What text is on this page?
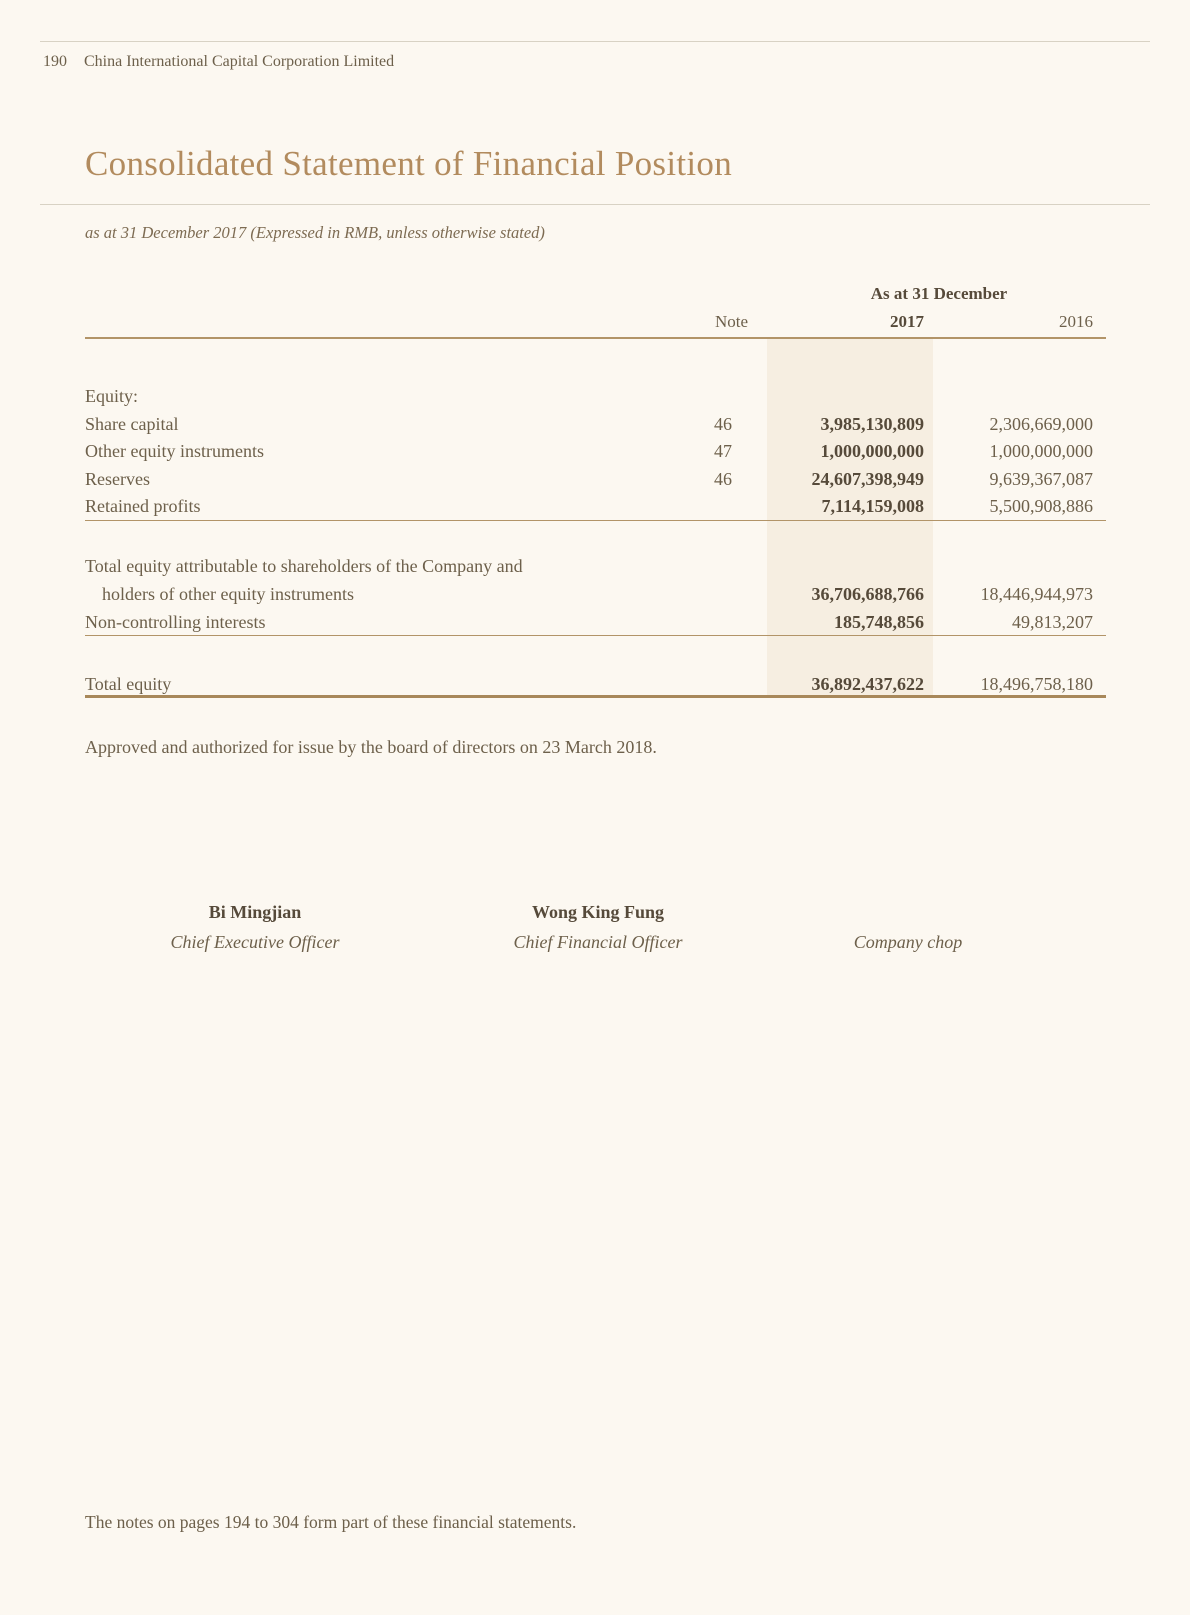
190 China International Capital Corporation Limited
Consolidated Statement of Financial Position
as at 31 December 2017 (Expressed in RMB, unless otherwise stated)
As at 31 December
Note	2017	2016
Equity:
Share capital	46	3,985,130,809	2,306,669,000
Other equity instruments	47	1,000,000,000	1,000,000,000
Reserves	46	24,607,398,949	9,639,367,087
Retained profits	7,114,159,008	5,500,908,886
Total equity attributable to shareholders of the Company and
holders of other equity instruments	36,706,688,766	18,446,944,973
Non-controlling interests	185,748,856	49,813,207
Total equity	36,892,437,622	18,496,758,180
Approved and authorized for issue by the board of directors on 23 March 2018.
Bi Mingjian
Chief Executive Officer
Wong King Fung
Chief Financial Officer	Company chop
The notes on pages 194 to 304 form part of these financial statements.
